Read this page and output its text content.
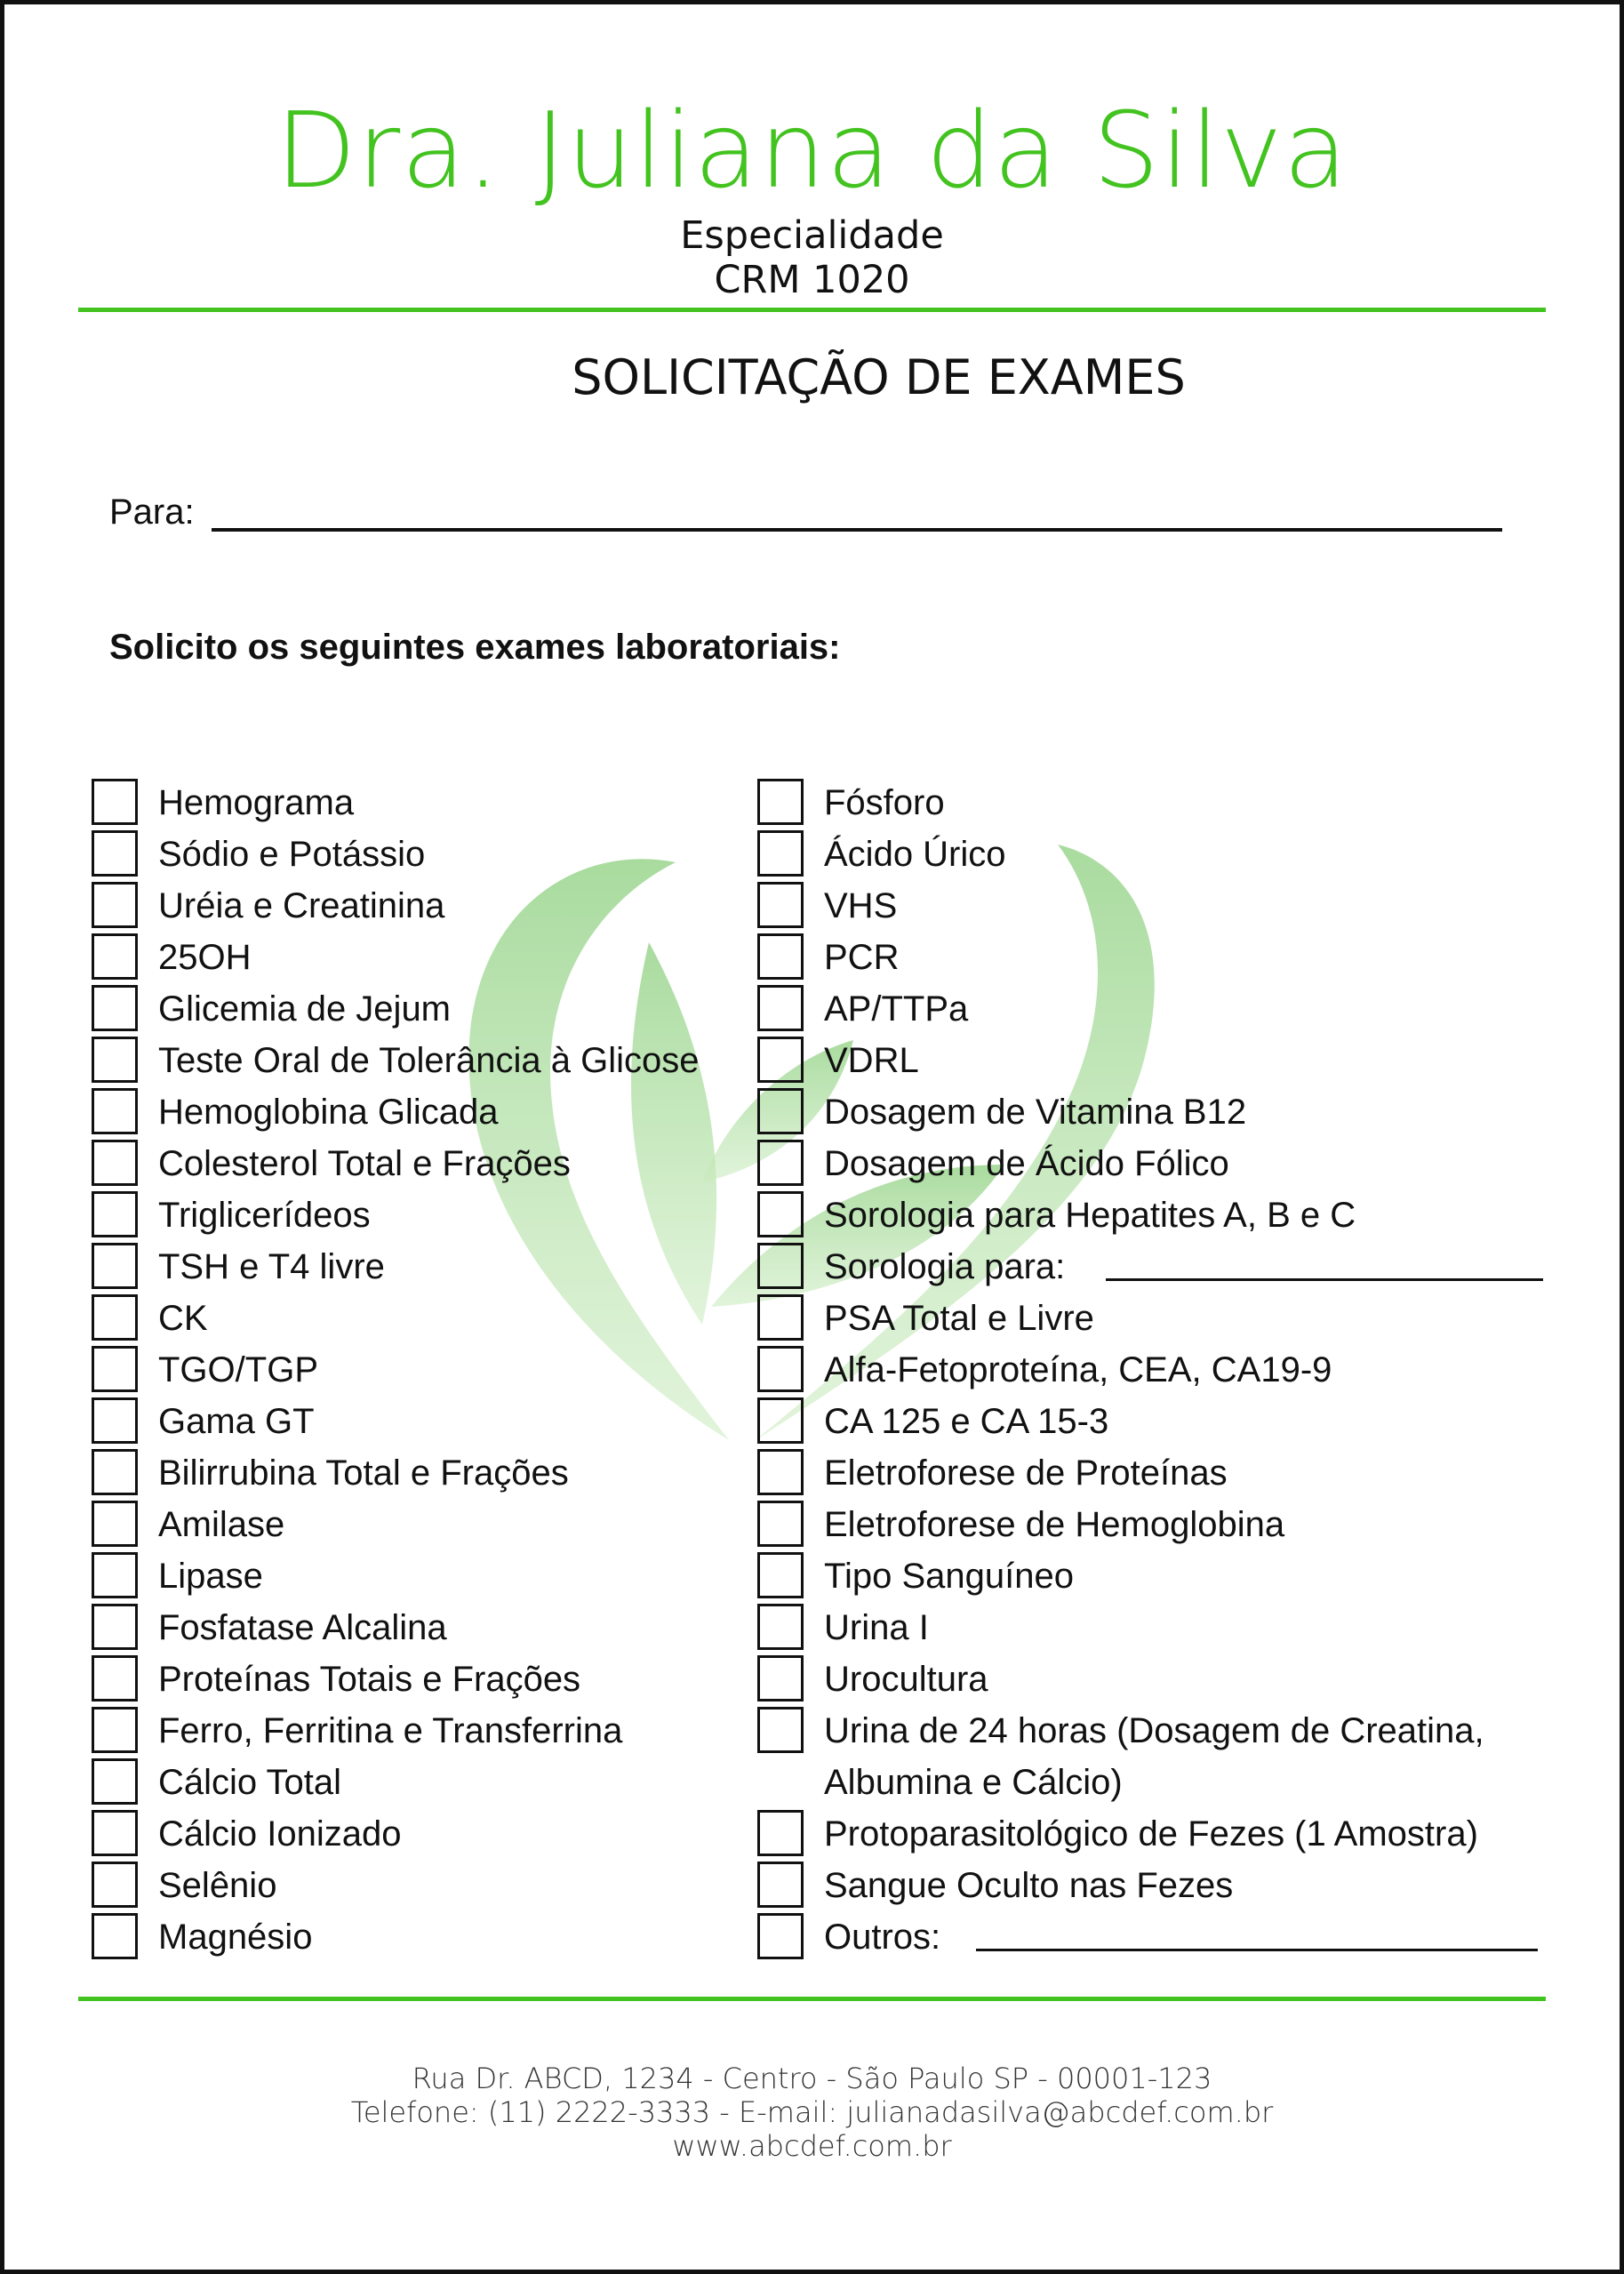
Dra. Juliana da Silva
Especialidade
CRM 1020
SOLICITAÇÃO DE EXAMES
Para:
Solicito os seguintes exames laboratoriais:
Rua Dr. ABCD, 1234 - Centro - São Paulo SP - 00001-123
Telefone: (11) 2222-3333 - E-mail: julianadasilva@abcdef.com.br
www.abcdef.com.br
Hemograma
Sódio e Potássio
Uréia e Creatinina
25OH
Glicemia de Jejum
Teste Oral de Tolerância à Glicose
Hemoglobina Glicada
Colesterol Total e Frações
Triglicerídeos
TSH e T4 livre
CK
TGO/TGP
Gama GT
Bilirrubina Total e Frações
Amilase
Lipase
Fosfatase Alcalina
Proteínas Totais e Frações
Ferro, Ferritina e Transferrina
Cálcio Total
Cálcio Ionizado
Selênio
Magnésio
Fósforo
Ácido Úrico
VHS
PCR
AP/TTPa
VDRL
Dosagem de Vitamina B12
Dosagem de Ácido Fólico
Sorologia para Hepatites A, B e C
Sorologia para:
PSA Total e Livre
Alfa-Fetoproteína, CEA, CA19-9
CA 125 e CA 15-3
Eletroforese de Proteínas
Eletroforese de Hemoglobina
Tipo Sanguíneo
Urina I
Urocultura
Urina de 24 horas (Dosagem de Creatina,
Albumina e Cálcio)
Protoparasitológico de Fezes (1 Amostra)
Sangue Oculto nas Fezes
Outros:
